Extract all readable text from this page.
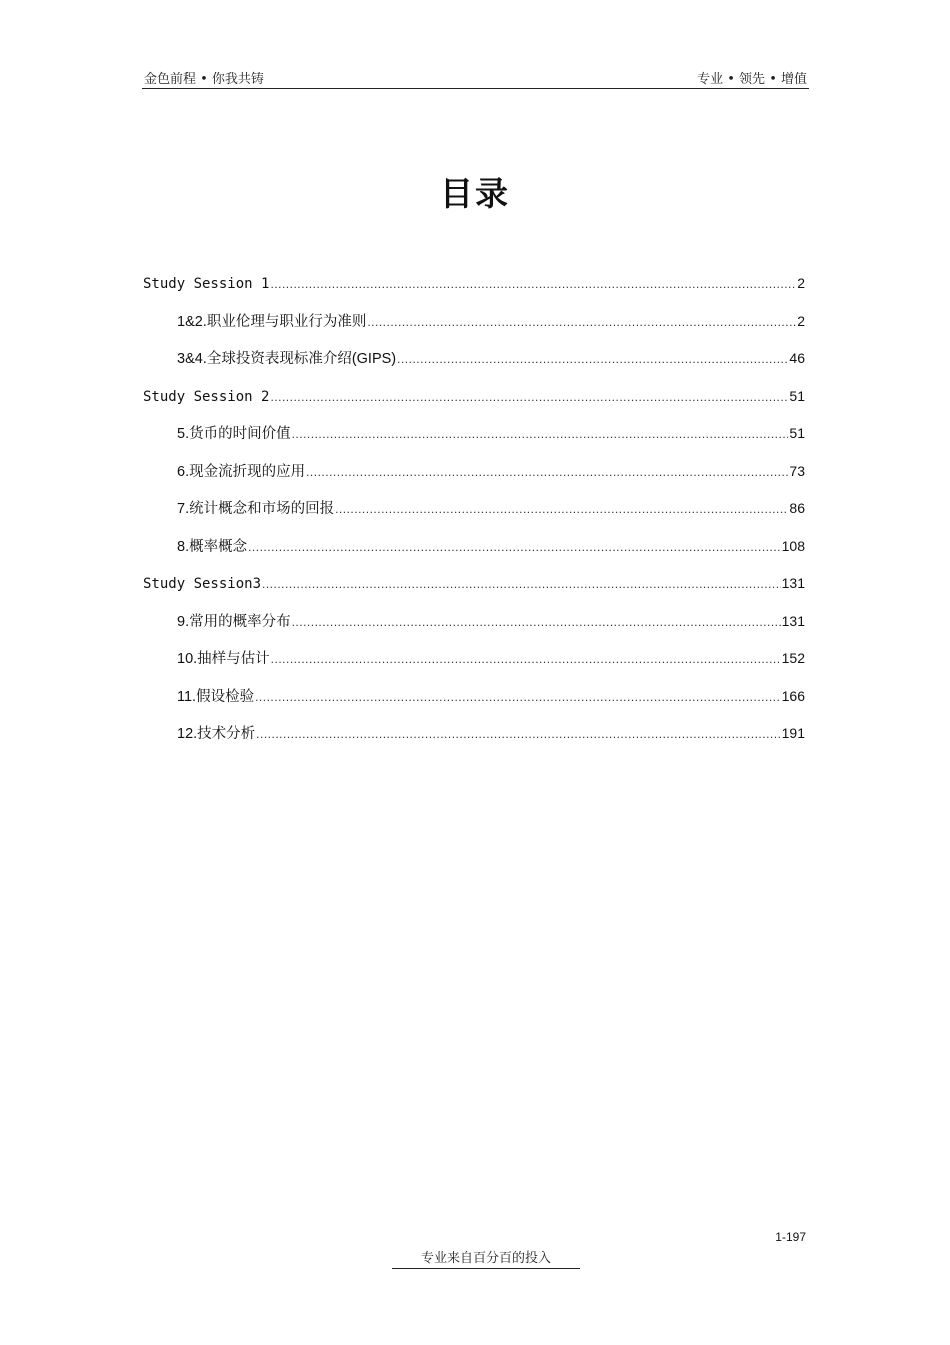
金色前程 • 你我共铸	专业 • 领先 • 增值
目录
Study Session 1 .....	2
1&2.职业伦理与职业行为准则 .....	2
3&4.全球投资表现标准介绍(GIPS) .....	46
Study Session 2 .....	51
5.货币的时间价值 .....	51
6.现金流折现的应用 .....	73
7.统计概念和市场的回报 .....	86
8.概率概念 .....	108
Study Session3 .....	131
9.常用的概率分布 .....	131
10.抽样与估计 .....	152
11.假设检验 .....	166
12.技术分析 .....	191
1-197
专业来自百分百的投入
